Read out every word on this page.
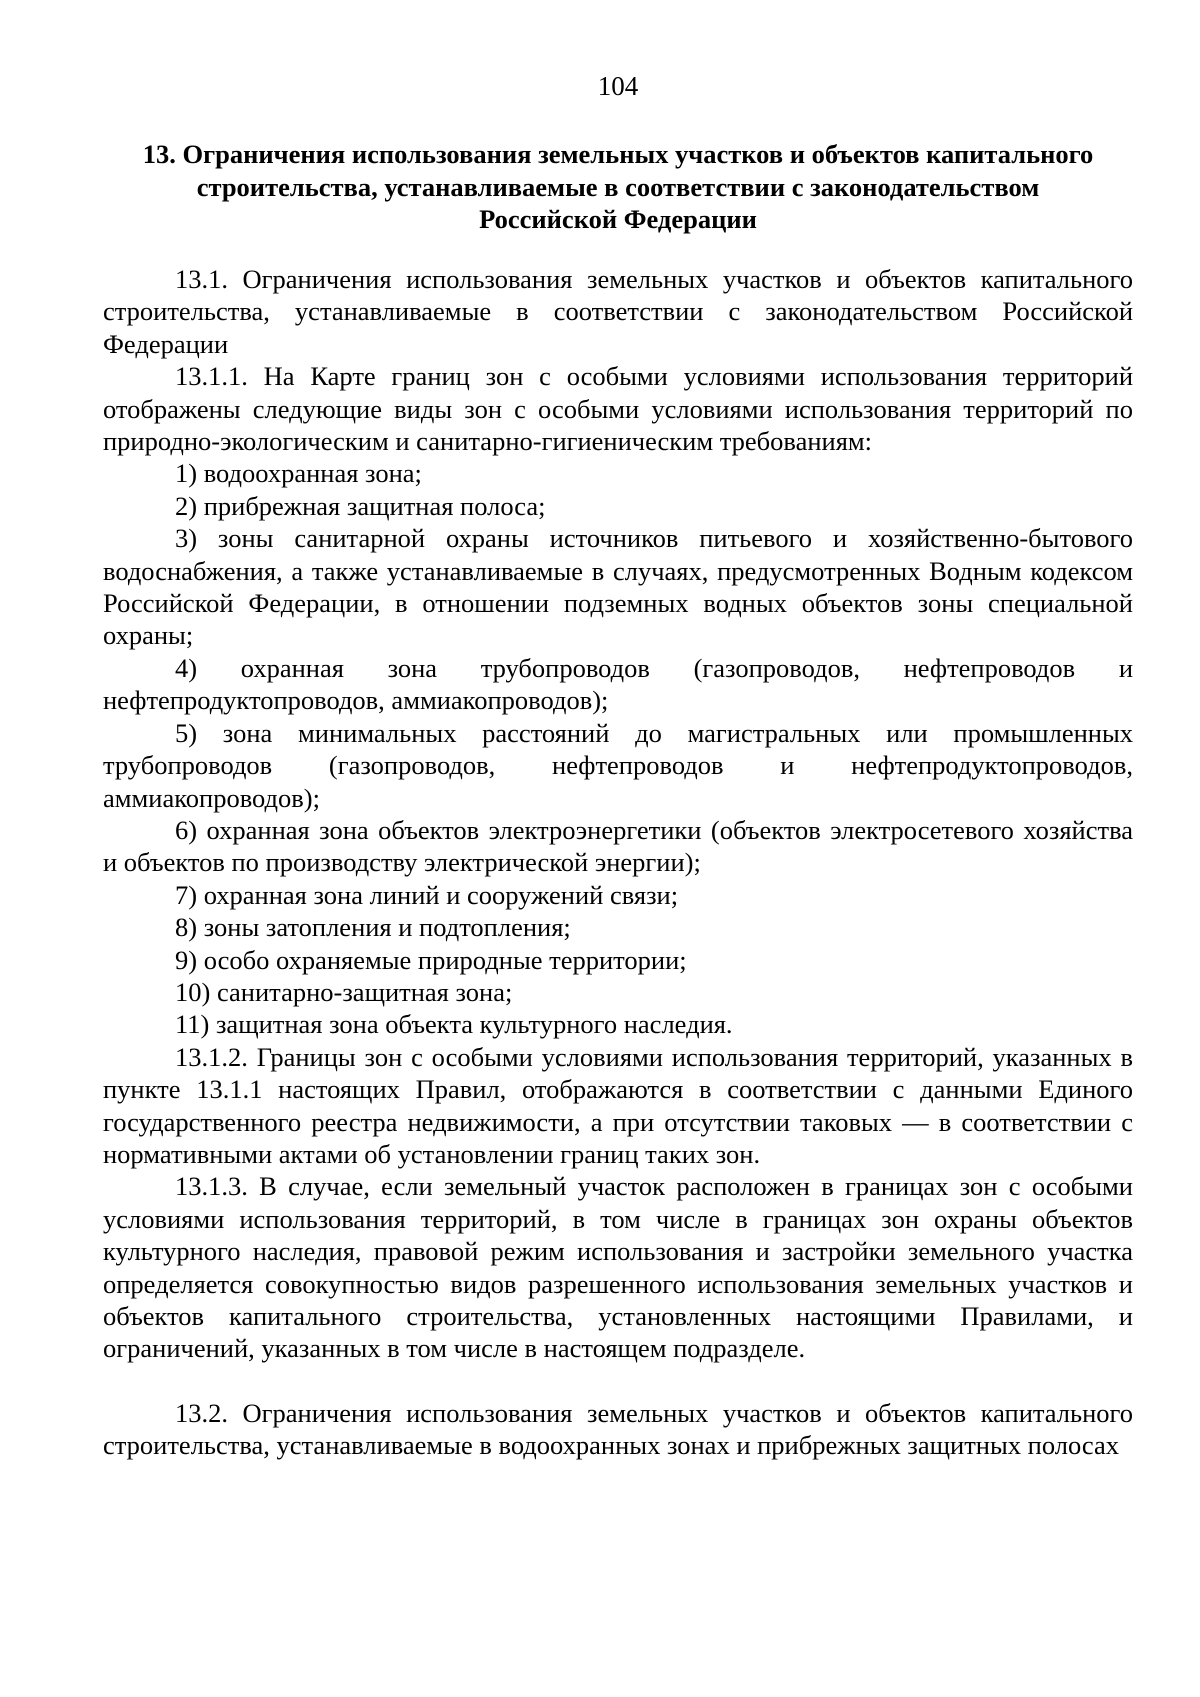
104
13. Ограничения использования земельных участков и объектов капитального
строительства, устанавливаемые в соответствии с законодательством
Российской Федерации

13.1. Ограничения использования земельных участков и объектов капитального строительства, устанавливаемые в соответствии с законодательством Российской Федерации

13.1.1. На Карте границ зон с особыми условиями использования территорий отображены следующие виды зон с особыми условиями использования территорий по природно-экологическим и санитарно-гигиеническим требованиям:

1) водоохранная зона;

2) прибрежная защитная полоса;

3) зоны санитарной охраны источников питьевого и хозяйственно-бытового водоснабжения, а также устанавливаемые в случаях, предусмотренных Водным кодексом Российской Федерации, в отношении подземных водных объектов зоны специальной охраны;

4) охранная зона трубопроводов (газопроводов, нефтепроводов и нефтепродуктопроводов, аммиакопроводов);

5) зона минимальных расстояний до магистральных или промышленных трубопроводов (газопроводов, нефтепроводов и нефтепродуктопроводов, аммиакопроводов);

6) охранная зона объектов электроэнергетики (объектов электросетевого хозяйства и объектов по производству электрической энергии);

7) охранная зона линий и сооружений связи;

8) зоны затопления и подтопления;

9) особо охраняемые природные территории;

10) санитарно-защитная зона;

11) защитная зона объекта культурного наследия.

13.1.2. Границы зон с особыми условиями использования территорий, указанных в пункте 13.1.1 настоящих Правил, отображаются в соответствии с данными Единого государственного реестра недвижимости, а при отсутствии таковых — в соответствии с нормативными актами об установлении границ таких зон.

13.1.3. В случае, если земельный участок расположен в границах зон с особыми условиями использования территорий, в том числе в границах зон охраны объектов культурного наследия, правовой режим использования и застройки земельного участка определяется совокупностью видов разрешенного использования земельных участков и объектов капитального строительства, установленных настоящими Правилами, и ограничений, указанных в том числе в настоящем подразделе.

13.2. Ограничения использования земельных участков и объектов капитального строительства, устанавливаемые в водоохранных зонах и прибрежных защитных полосах
